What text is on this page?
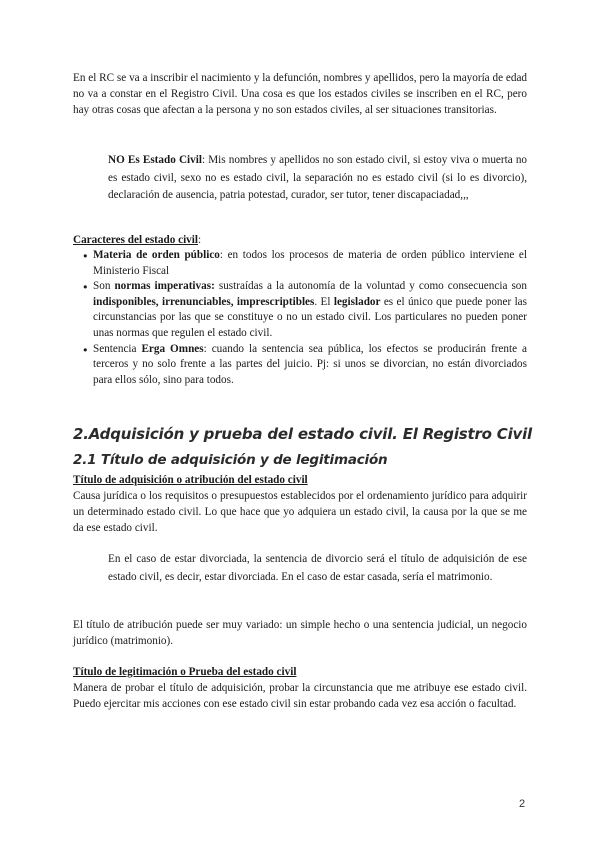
En el RC se va a inscribir el nacimiento y la defunción, nombres y apellidos, pero la mayoría de edad no va a constar en el Registro Civil. Una cosa es que los estados civiles se inscriben en el RC, pero hay otras cosas que afectan a la persona y no son estados civiles, al ser situaciones transitorias.

NO Es Estado Civil: Mis nombres y apellidos no son estado civil, si estoy viva o muerta no es estado civil, sexo no es estado civil, la separación no es estado civil (si lo es divorcio), declaración de ausencia, patria potestad, curador, ser tutor, tener discapaciadad,,,

Caracteres del estado civil:

● Materia de orden público: en todos los procesos de materia de orden público interviene el Ministerio Fiscal
● Son normas imperativas: sustraídas a la autonomía de la voluntad y como consecuencia son indisponibles, irrenunciables, imprescriptibles. El legislador es el único que puede poner las circunstancias por las que se constituye o no un estado civil. Los particulares no pueden poner unas normas que regulen el estado civil.
● Sentencia Erga Omnes: cuando la sentencia sea pública, los efectos se producirán frente a terceros y no solo frente a las partes del juicio. Pj: si unos se divorcian, no están divorciados para ellos sólo, sino para todos.
2.Adquisición y prueba del estado civil. El Registro Civil
2.1 Título de adquisición y de legitimación

Título de adquisición o atribución del estado civil

Causa jurídica o los requisitos o presupuestos establecidos por el ordenamiento jurídico para adquirir un determinado estado civil. Lo que hace que yo adquiera un estado civil, la causa por la que se me da ese estado civil.

En el caso de estar divorciada, la sentencia de divorcio será el título de adquisición de ese estado civil, es decir, estar divorciada. En el caso de estar casada, sería el matrimonio.

El título de atribución puede ser muy variado: un simple hecho o una sentencia judicial, un negocio jurídico (matrimonio).

Título de legitimación o Prueba del estado civil

Manera de probar el título de adquisición, probar la circunstancia que me atribuye ese estado civil. Puedo ejercitar mis acciones con ese estado civil sin estar probando cada vez esa acción o facultad.

2
